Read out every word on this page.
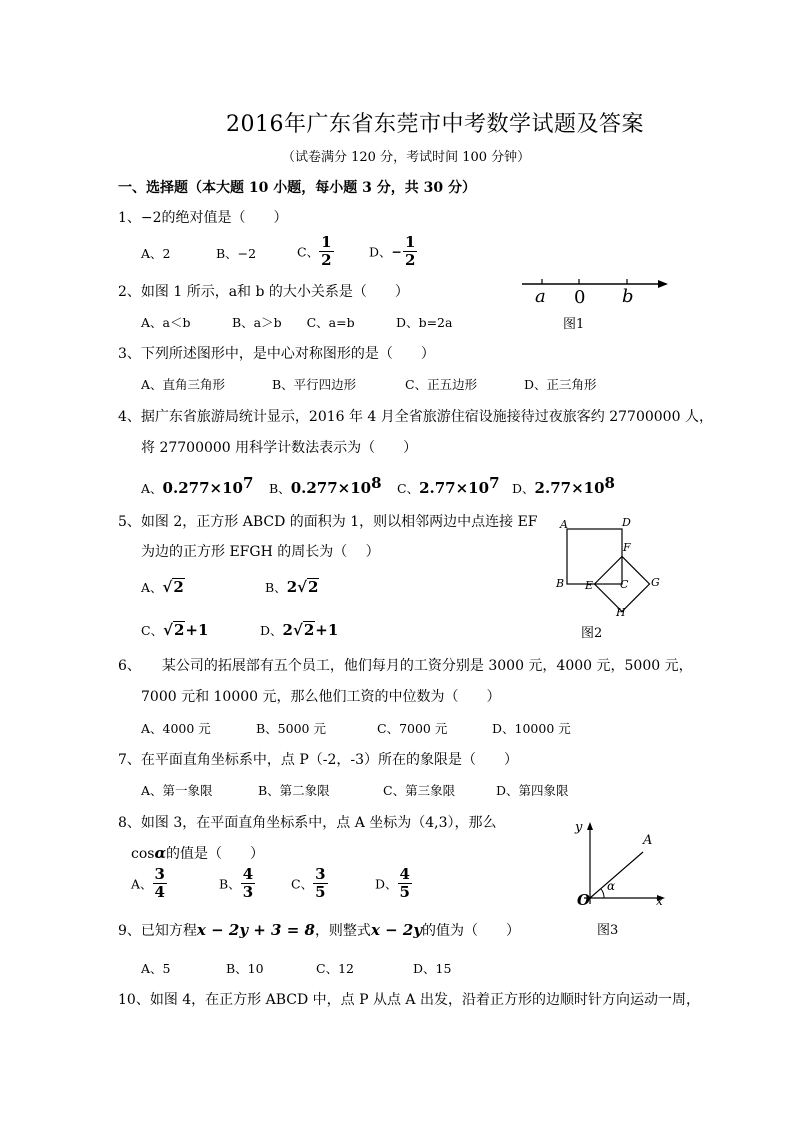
2016年广东省东莞市中考数学试题及答案
（试卷满分 120 分，考试时间 100 分钟）
一、选择题（本大题 10 小题，每小题 3 分，共 30 分）
1、−2的绝对值是（　　）
A、2	B、−2	C、 $\frac{1}{2}$	D、− $\frac{1}{2}$
2、如图 1 所示，a和 b 的大小关系是（　　）
A、a＜b　　　 B、a＞b　　C、a=b　　　 D、b=2a
a 0 b
图1
3、下列所述图形中，是中心对称图形的是（　　）
A、直角三角形	B、平行四边形	C、正五边形	D、正三角形
4、据广东省旅游局统计显示，2016 年 4 月全省旅游住宿设施接待过夜旅客约 27700000 人，
将 27700000 用科学计数法表示为（　　）
A、$0.277\times 10^7$ B、$0.277\times 10^8$ C、$2.77\times 10^7$ D、$2.77\times 10^8$
5、如图 2，正方形 ABCD 的面积为 1，则以相邻两边中点连接 EF
为边的正方形 EFGH 的周长为（　 ）
A、√2	B、2√2
C、√2+1	D、2√2+1
A	D
F
B E C G
H
图2
6、　　某公司的拓展部有五个员工，他们每月的工资分别是 3000 元，4000 元，5000 元，
7000 元和 10000 元，那么他们工资的中位数为（　　）
A、4000 元	B、5000 元	C、7000 元	D、10000 元
7、在平面直角坐标系中，点 P（-2，-3）所在的象限是（　　）
A、第一象限	B、第二象限	C、第三象限	D、第四象限
8、如图 3，在平面直角坐标系中，点 A 坐标为（4,3），那么
cosα的值是（　　）
A、 $\frac{3}{4}$	B、 $\frac{4}{3}$	C、 $\frac{3}{5}$	D、 $\frac{4}{5}$
y
A
α
O	x
图3
9、已知方程x − 2y + 3 = 8，则整式x − 2y的值为（　　）
A、5	B、10	C、12	D、15
10、如图 4，在正方形 ABCD 中，点 P 从点 A 出发，沿着正方形的边顺时针方向运动一周，
